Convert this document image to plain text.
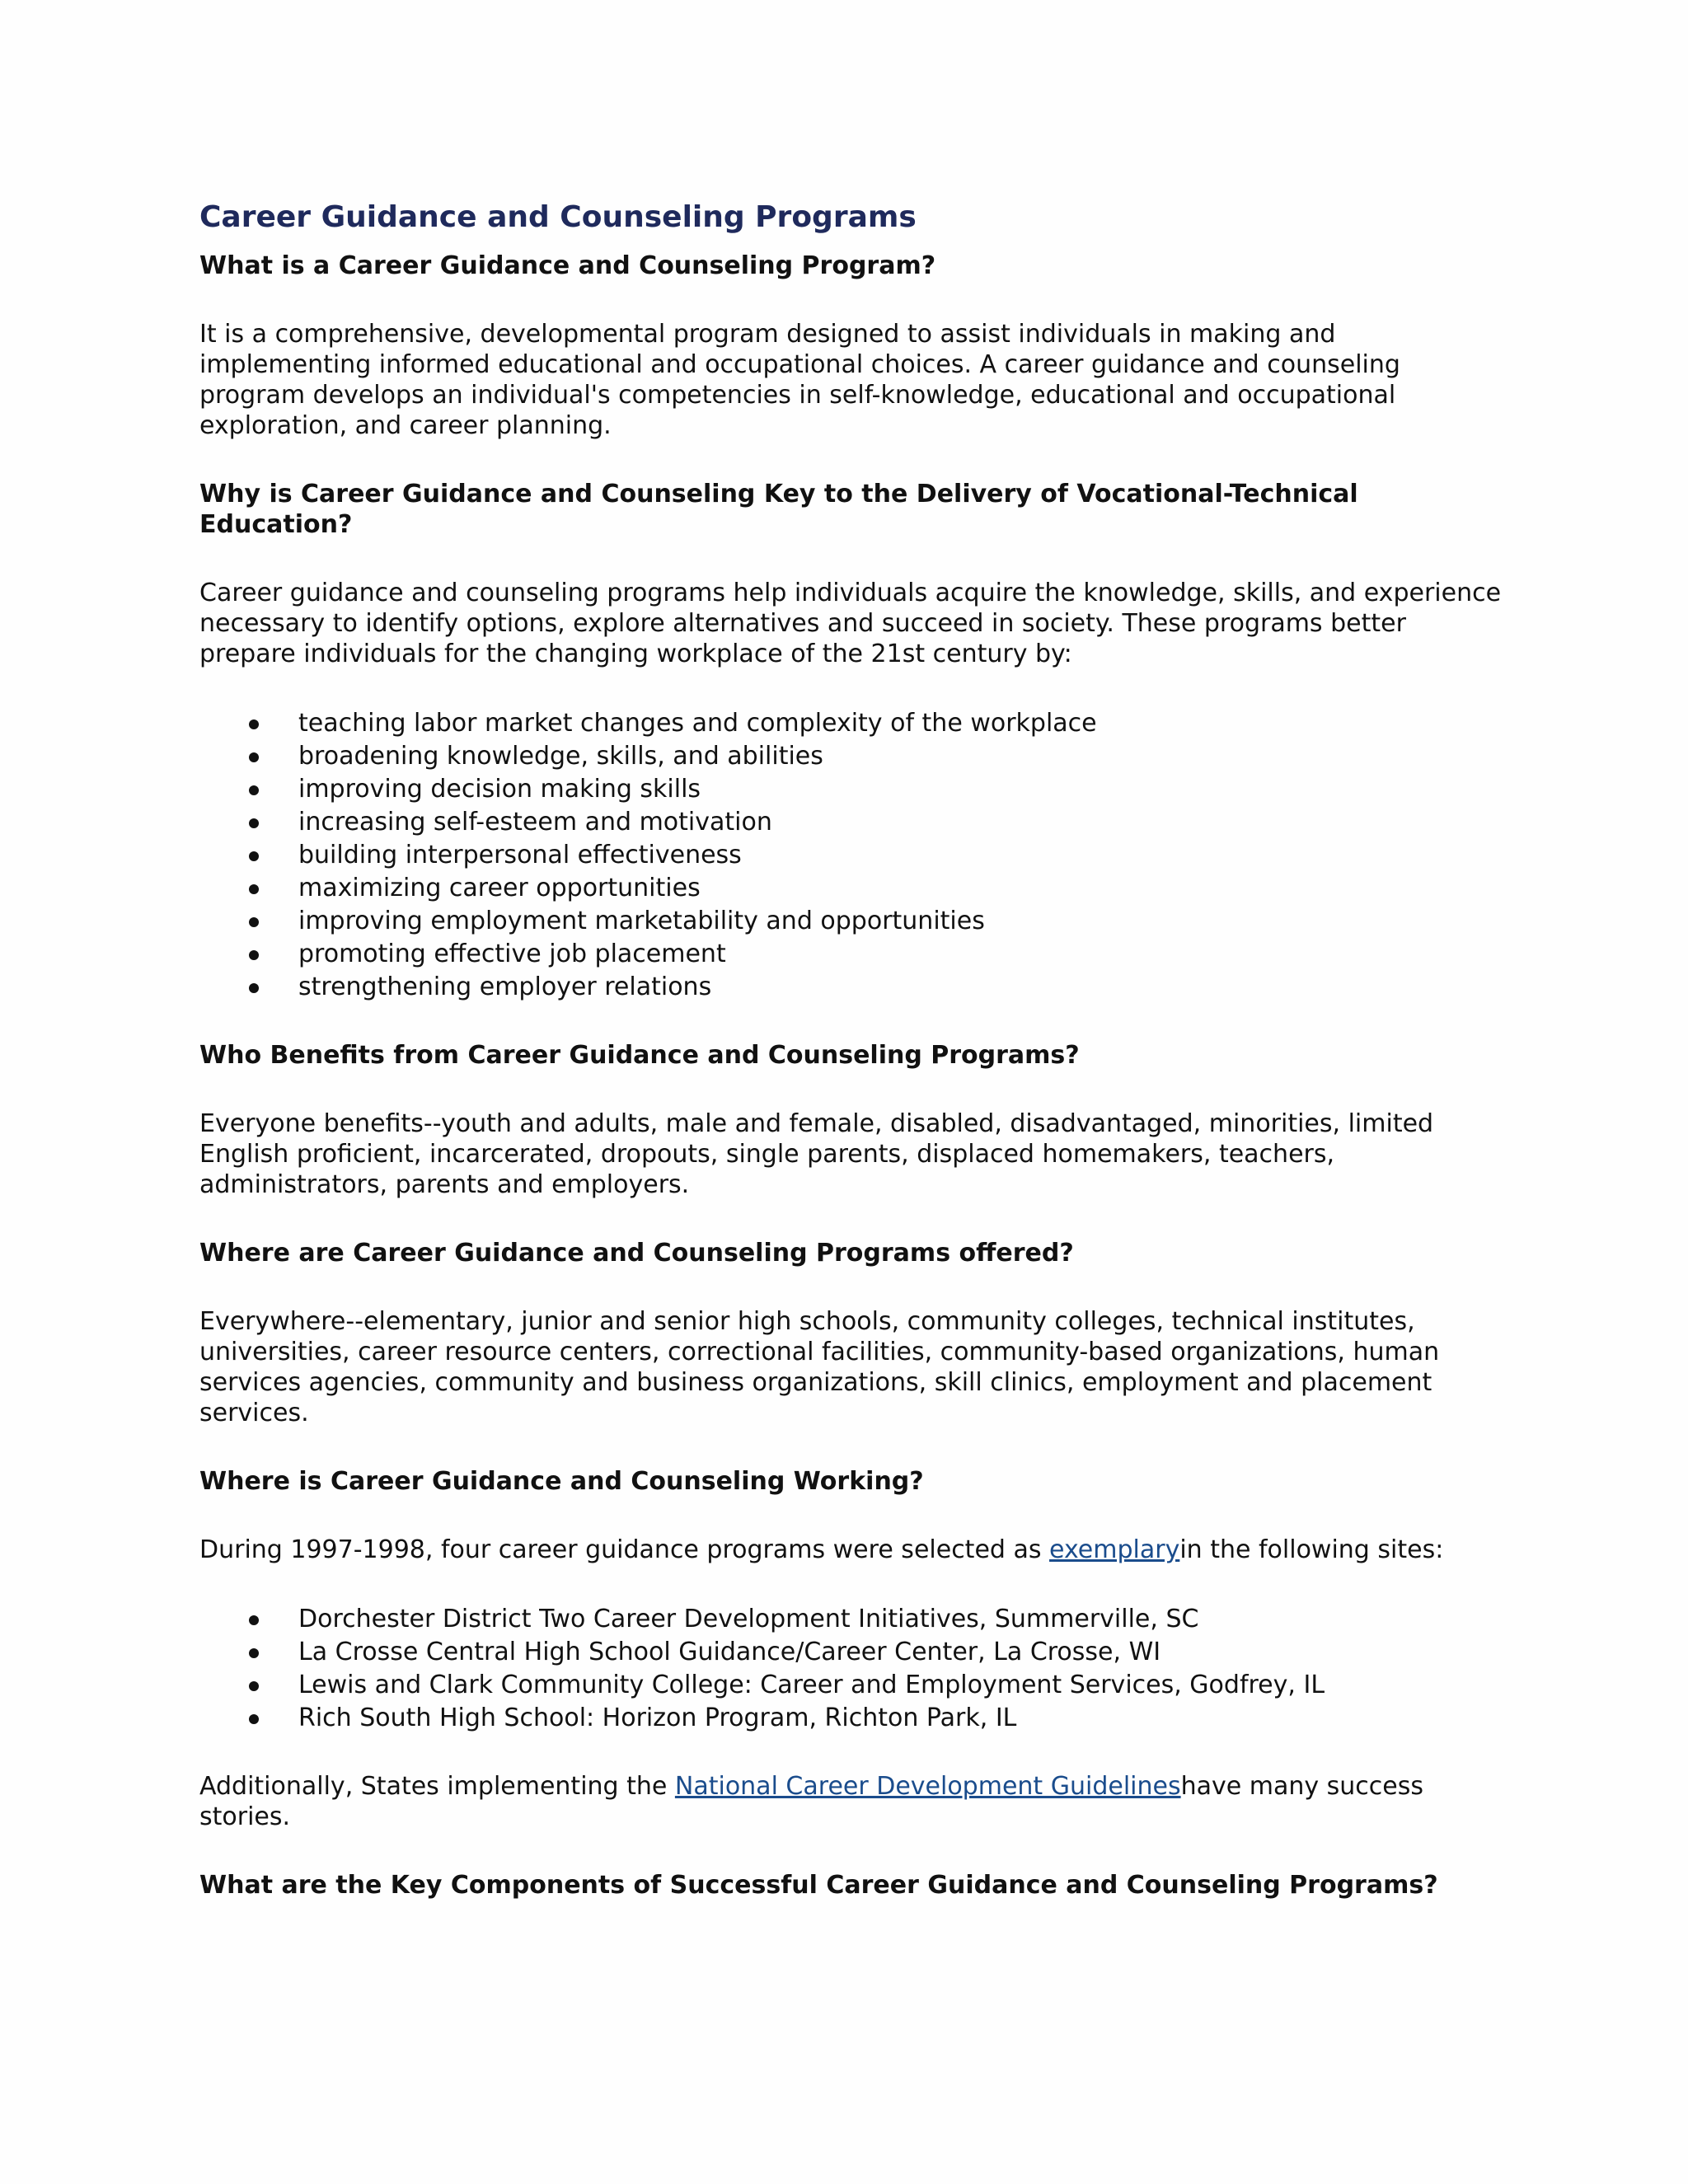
Career Guidance and Counseling Programs
What is a Career Guidance and Counseling Program?

It is a comprehensive, developmental program designed to assist individuals in making and implementing informed educational and occupational choices. A career guidance and counseling program develops an individual's competencies in self-knowledge, educational and occupational exploration, and career planning.

Why is Career Guidance and Counseling Key to the Delivery of Vocational-Technical Education?

Career guidance and counseling programs help individuals acquire the knowledge, skills, and experience necessary to identify options, explore alternatives and succeed in society. These programs better prepare individuals for the changing workplace of the 21st century by:

teaching labor market changes and complexity of the workplace
broadening knowledge, skills, and abilities
improving decision making skills
increasing self-esteem and motivation
building interpersonal effectiveness
maximizing career opportunities
improving employment marketability and opportunities
promoting effective job placement
strengthening employer relations
Who Benefits from Career Guidance and Counseling Programs?

Everyone benefits--youth and adults, male and female, disabled, disadvantaged, minorities, limited English proficient, incarcerated, dropouts, single parents, displaced homemakers, teachers, administrators, parents and employers.

Where are Career Guidance and Counseling Programs offered?

Everywhere--elementary, junior and senior high schools, community colleges, technical institutes, universities, career resource centers, correctional facilities, community-based organizations, human services agencies, community and business organizations, skill clinics, employment and placement services.

Where is Career Guidance and Counseling Working?

During 1997-1998, four career guidance programs were selected as exemplaryin the following sites:

Dorchester District Two Career Development Initiatives, Summerville, SC
La Crosse Central High School Guidance/Career Center, La Crosse, WI
Lewis and Clark Community College: Career and Employment Services, Godfrey, IL
Rich South High School: Horizon Program, Richton Park, IL

Additionally, States implementing the National Career Development Guidelineshave many success stories.

What are the Key Components of Successful Career Guidance and Counseling Programs?
